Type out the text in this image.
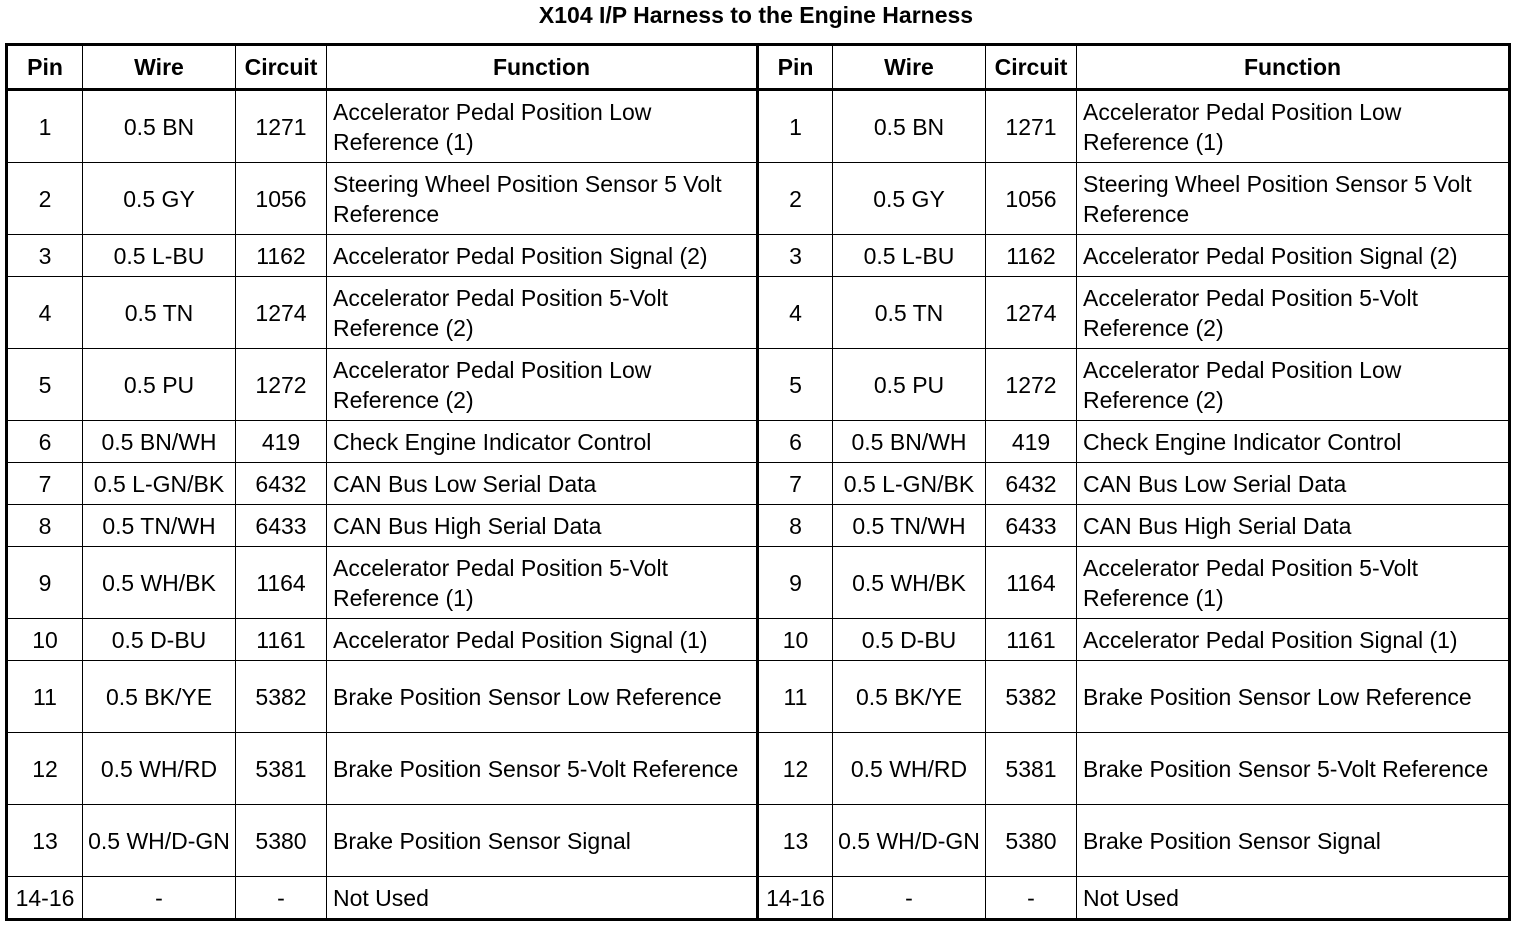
X104 I/P Harness to the Engine Harness
Pin	Wire	Circuit	Function	Pin	Wire	Circuit	Function
1	0.5 BN	1271	Accelerator Pedal Position Low Reference (1)	1	0.5 BN	1271	Accelerator Pedal Position Low Reference (1)
2	0.5 GY	1056	Steering Wheel Position Sensor 5 Volt Reference	2	0.5 GY	1056	Steering Wheel Position Sensor 5 Volt Reference
3	0.5 L-BU	1162	Accelerator Pedal Position Signal (2)	3	0.5 L-BU	1162	Accelerator Pedal Position Signal (2)
4	0.5 TN	1274	Accelerator Pedal Position 5-Volt Reference (2)	4	0.5 TN	1274	Accelerator Pedal Position 5-Volt Reference (2)
5	0.5 PU	1272	Accelerator Pedal Position Low Reference (2)	5	0.5 PU	1272	Accelerator Pedal Position Low Reference (2)
6	0.5 BN/WH	419	Check Engine Indicator Control	6	0.5 BN/WH	419	Check Engine Indicator Control
7	0.5 L-GN/BK	6432	CAN Bus Low Serial Data	7	0.5 L-GN/BK	6432	CAN Bus Low Serial Data
8	0.5 TN/WH	6433	CAN Bus High Serial Data	8	0.5 TN/WH	6433	CAN Bus High Serial Data
9	0.5 WH/BK	1164	Accelerator Pedal Position 5-Volt Reference (1)	9	0.5 WH/BK	1164	Accelerator Pedal Position 5-Volt Reference (1)
10	0.5 D-BU	1161	Accelerator Pedal Position Signal (1)	10	0.5 D-BU	1161	Accelerator Pedal Position Signal (1)
11	0.5 BK/YE	5382	Brake Position Sensor Low Reference	11	0.5 BK/YE	5382	Brake Position Sensor Low Reference
12	0.5 WH/RD	5381	Brake Position Sensor 5-Volt Reference	12	0.5 WH/RD	5381	Brake Position Sensor 5-Volt Reference
13	0.5 WH/D-GN	5380	Brake Position Sensor Signal	13	0.5 WH/D-GN	5380	Brake Position Sensor Signal
14-16	-	-	Not Used	14-16	-	-	Not Used
